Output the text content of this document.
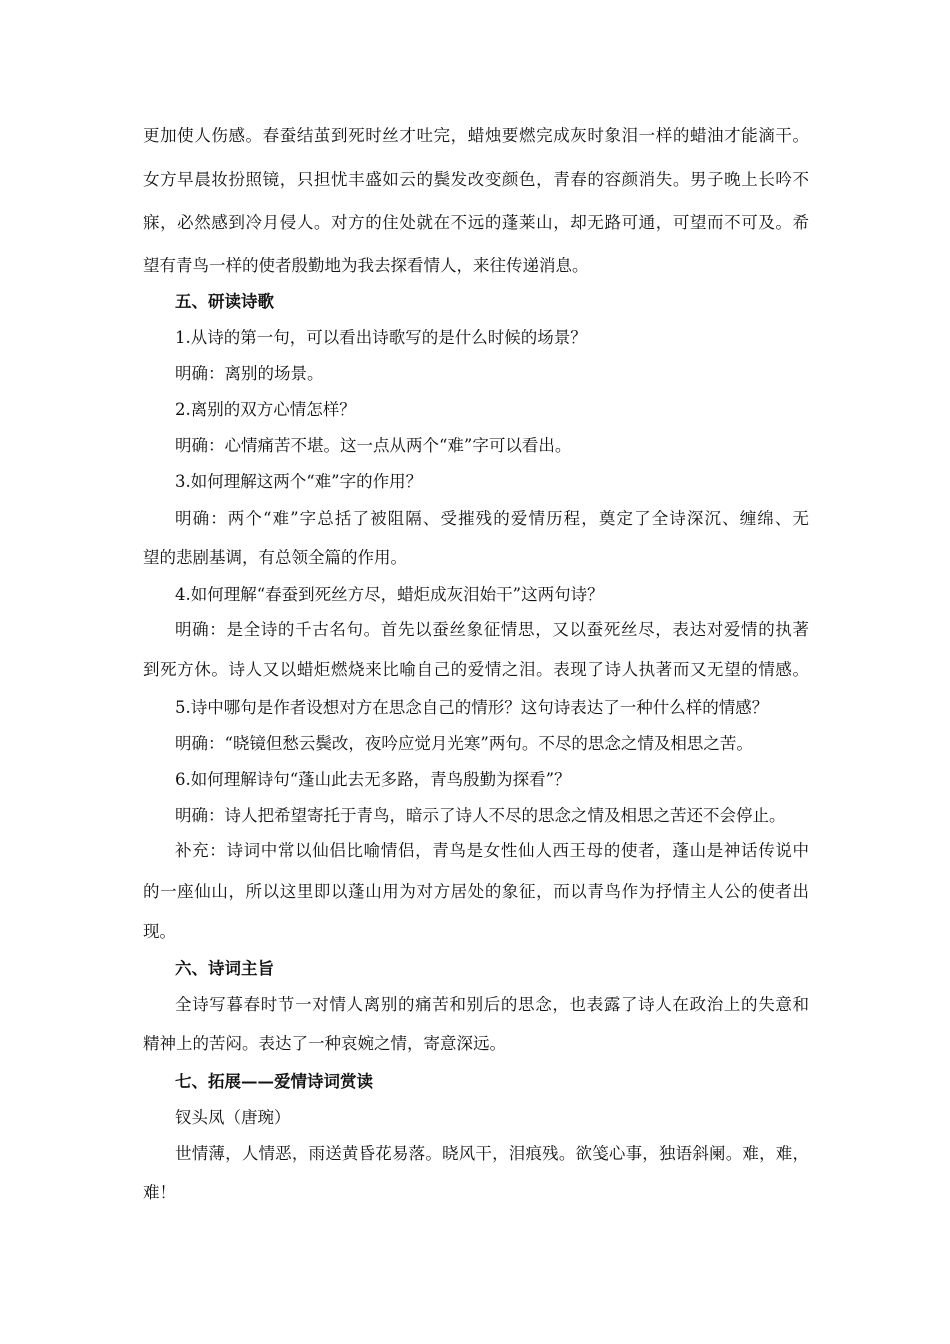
更加使人伤感。春蚕结茧到死时丝才吐完，蜡烛要燃完成灰时象泪一样的蜡油才能滴干。
女方早晨妆扮照镜，只担忧丰盛如云的鬓发改变颜色，青春的容颜消失。男子晚上长吟不
寐，必然感到冷月侵人。对方的住处就在不远的蓬莱山，却无路可通，可望而不可及。希
望有青鸟一样的使者殷勤地为我去探看情人，来往传递消息。
五、研读诗歌
1.从诗的第一句，可以看出诗歌写的是什么时候的场景？
明确：离别的场景。
2.离别的双方心情怎样？
明确：心情痛苦不堪。这一点从两个“难”字可以看出。
3.如何理解这两个“难”字的作用？
明确：两个“难”字总括了被阻隔、受摧残的爱情历程，奠定了全诗深沉、缠绵、无
望的悲剧基调，有总领全篇的作用。
4.如何理解“春蚕到死丝方尽，蜡炬成灰泪始干”这两句诗？
明确：是全诗的千古名句。首先以蚕丝象征情思，又以蚕死丝尽，表达对爱情的执著
到死方休。诗人又以蜡炬燃烧来比喻自己的爱情之泪。表现了诗人执著而又无望的情感。
5.诗中哪句是作者设想对方在思念自己的情形？这句诗表达了一种什么样的情感？
明确：“晓镜但愁云鬓改，夜吟应觉月光寒”两句。不尽的思念之情及相思之苦。
6.如何理解诗句“蓬山此去无多路，青鸟殷勤为探看”？
明确：诗人把希望寄托于青鸟，暗示了诗人不尽的思念之情及相思之苦还不会停止。
补充：诗词中常以仙侣比喻情侣，青鸟是女性仙人西王母的使者，蓬山是神话传说中
的一座仙山，所以这里即以蓬山用为对方居处的象征，而以青鸟作为抒情主人公的使者出
现。
六、诗词主旨
全诗写暮春时节一对情人离别的痛苦和别后的思念，也表露了诗人在政治上的失意和
精神上的苦闷。表达了一种哀婉之情，寄意深远。
七、拓展——爱情诗词赏读
钗头凤（唐琬）
世情薄，人情恶，雨送黄昏花易落。晓风干，泪痕残。欲笺心事，独语斜阑。难，难，
难！
